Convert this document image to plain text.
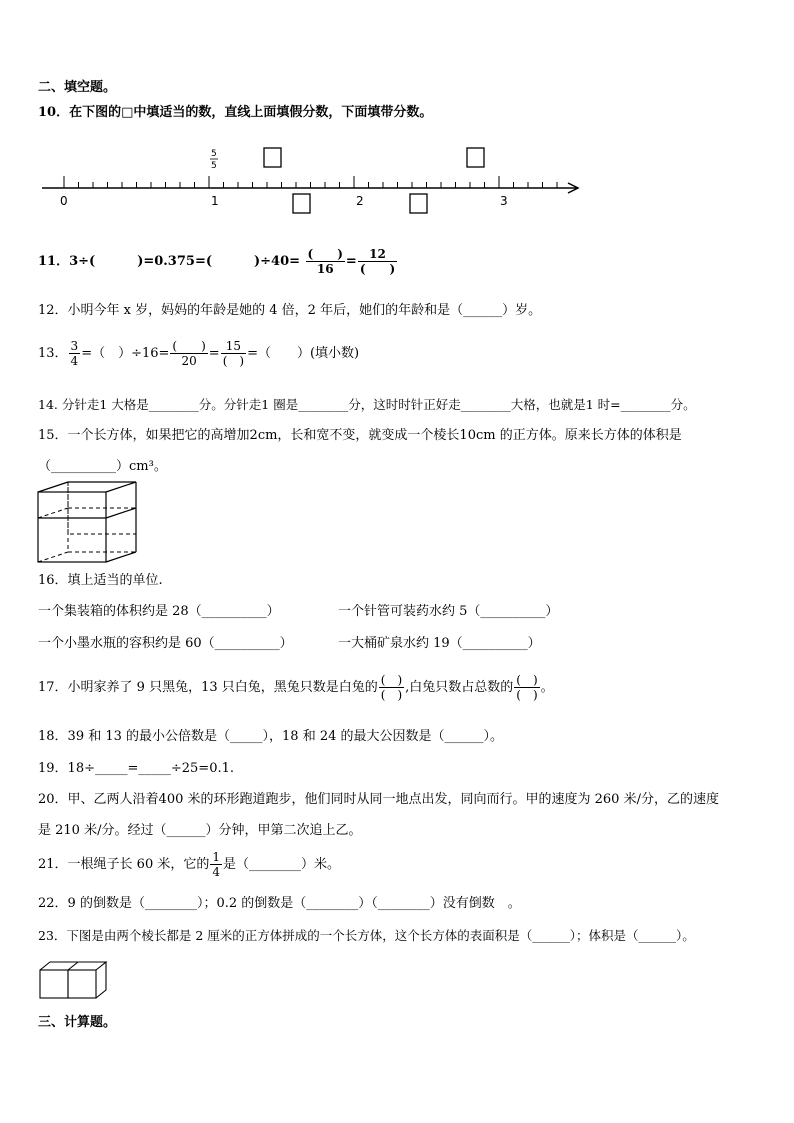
二、填空题。
10．在下图的□中填适当的数，直线上面填假分数，下面填带分数。
0	1	2	3
5
5
11．3÷(	)=0.375=(	)$\div 40= \frac{( )}{16} = \frac{12}{( )}$
12．小明今年 x 岁，妈妈的年龄是她的 4 倍，2 年后，她们的年龄和是（______）岁。
13． $\frac{3}{4}$ =（　）$\div 16= \frac{( )}{20} = \frac{15}{( )}$ =（　　）(填小数)
14. 分针走1 大格是________分。分针走1 圈是________分，这时时针正好走________大格，也就是1 时=________分。
15．一个长方体，如果把它的高增加2cm，长和宽不变，就变成一个棱长10cm 的正方体。原来长方体的体积是
（__________）cm³。
16．填上适当的单位.
一个集装箱的体积约是 28（__________）	一个针管可装药水约 5（__________）
一个小墨水瓶的容积约是 60（__________）	一大桶矿泉水约 19（__________）
17．小明家养了 9 只黑兔，13 只白兔，黑兔只数是白兔的 $\frac{( )}{( )}$ ,白兔只数占总数的 $\frac{( )}{( )}$ 。
18．39 和 13 的最小公倍数是（_____），18 和 24 的最大公因数是（______）。
19．18÷_____=_____÷25=0.1.
20．甲、乙两人沿着400 米的环形跑道跑步，他们同时从同一地点出发，同向而行。甲的速度为 260 米/分，乙的速度
是 210 米/分。经过（______）分钟，甲第二次追上乙。
21．一根绳子长 60 米，它的 $\frac{1}{4}$ 是（________）米。
22．9 的倒数是（________）；0.2 的倒数是（________）（________）没有倒数　。
23．下图是由两个棱长都是 2 厘米的正方体拼成的一个长方体，这个长方体的表面积是（______）；体积是（______）。
三、计算题。
